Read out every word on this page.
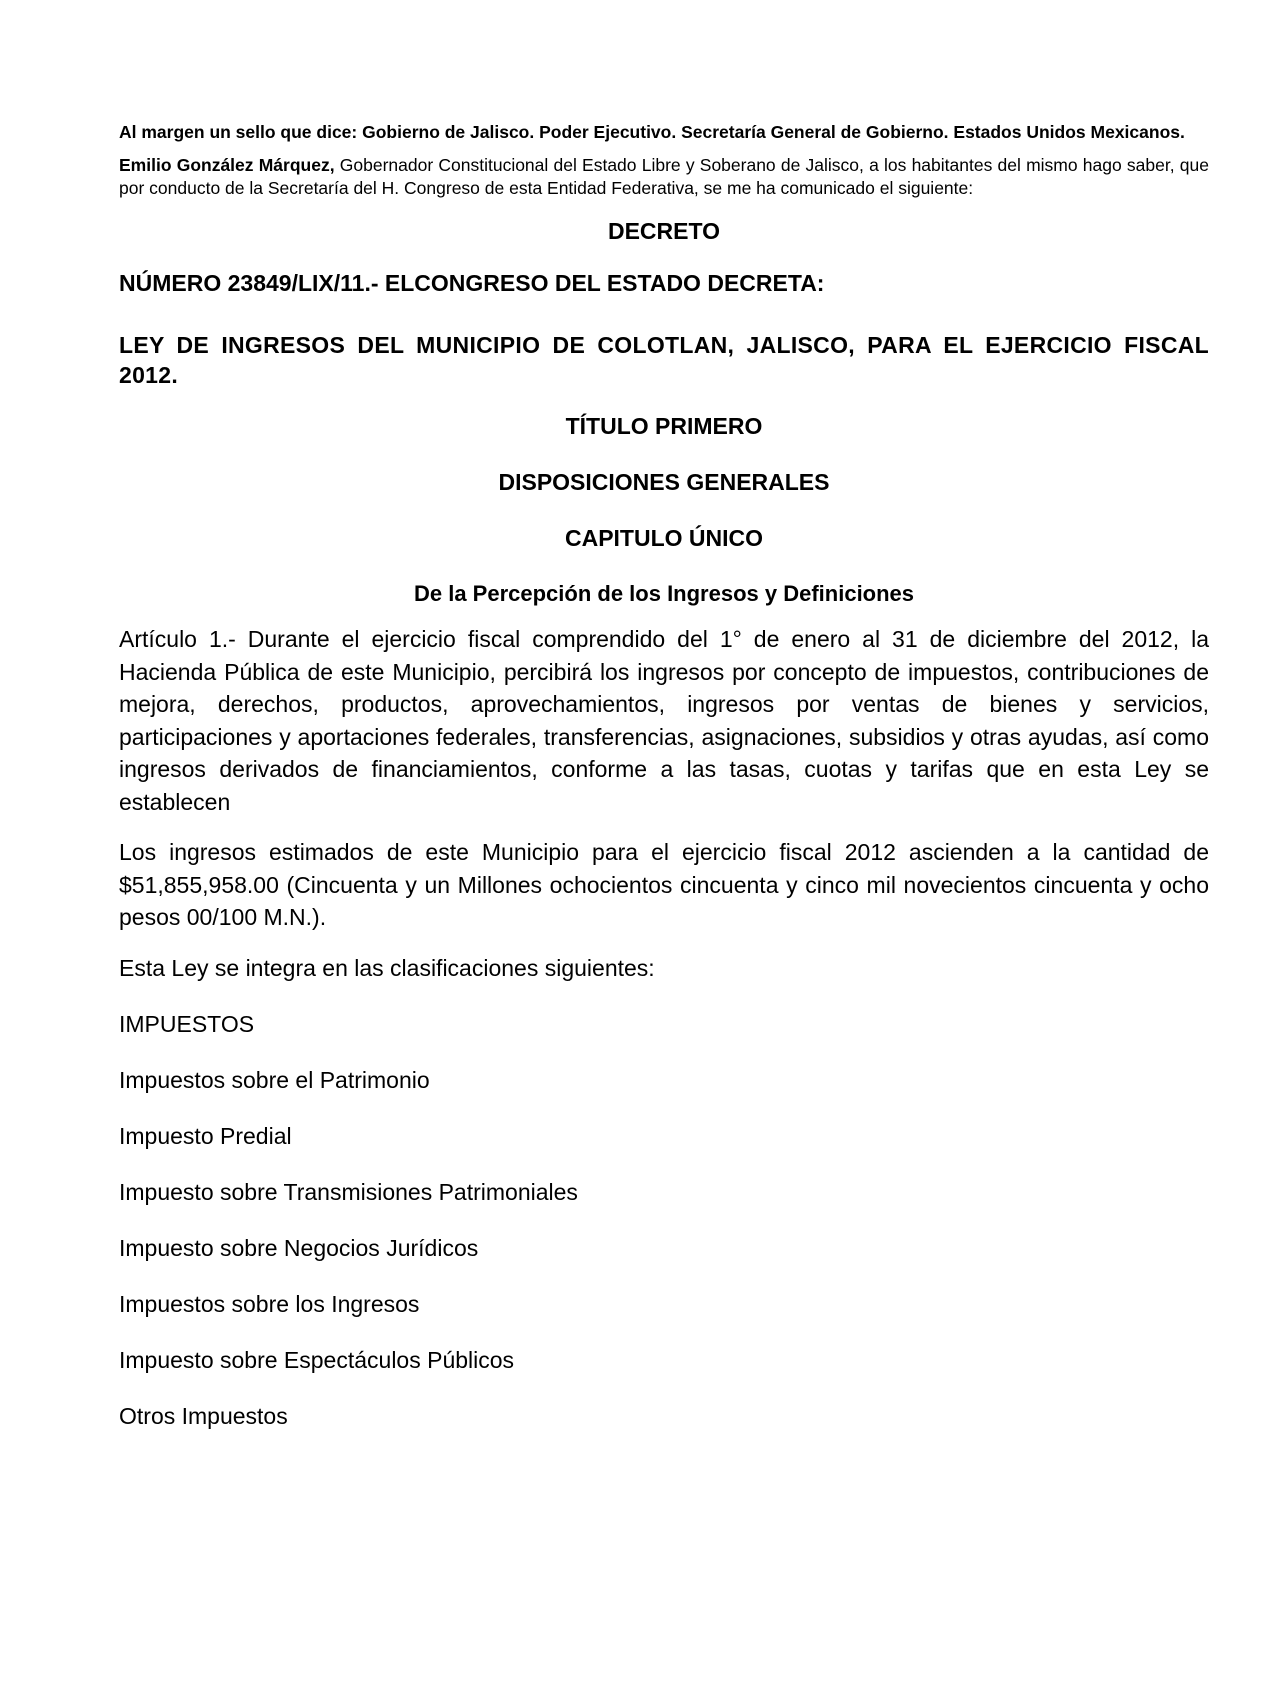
Al margen un sello que dice: Gobierno de Jalisco. Poder Ejecutivo. Secretaría General de Gobierno. Estados Unidos Mexicanos.

Emilio González Márquez, Gobernador Constitucional del Estado Libre y Soberano de Jalisco, a los habitantes del mismo hago saber, que por conducto de la Secretaría del H. Congreso de esta Entidad Federativa, se me ha comunicado el siguiente:

DECRETO

NÚMERO 23849/LIX/11.- ELCONGRESO DEL ESTADO DECRETA:

LEY DE INGRESOS DEL MUNICIPIO DE COLOTLAN, JALISCO, PARA EL EJERCICIO FISCAL 2012.

TÍTULO PRIMERO

DISPOSICIONES GENERALES

CAPITULO ÚNICO

De la Percepción de los Ingresos y Definiciones

Artículo 1.- Durante el ejercicio fiscal comprendido del 1° de enero al 31 de diciembre del 2012, la Hacienda Pública de este Municipio, percibirá los ingresos por concepto de impuestos, contribuciones de mejora, derechos, productos, aprovechamientos, ingresos por ventas de bienes y servicios, participaciones y aportaciones federales, transferencias, asignaciones, subsidios y otras ayudas, así como ingresos derivados de financiamientos, conforme a las tasas, cuotas y tarifas que en esta Ley se establecen

Los ingresos estimados de este Municipio para el ejercicio fiscal 2012 ascienden a la cantidad de $51,855,958.00 (Cincuenta y un Millones ochocientos cincuenta y cinco mil novecientos cincuenta y ocho pesos 00/100 M.N.).

Esta Ley se integra en las clasificaciones siguientes:

IMPUESTOS

Impuestos sobre el Patrimonio

Impuesto Predial

Impuesto sobre Transmisiones Patrimoniales

Impuesto sobre Negocios Jurídicos

Impuestos sobre los Ingresos

Impuesto sobre Espectáculos Públicos

Otros Impuestos
